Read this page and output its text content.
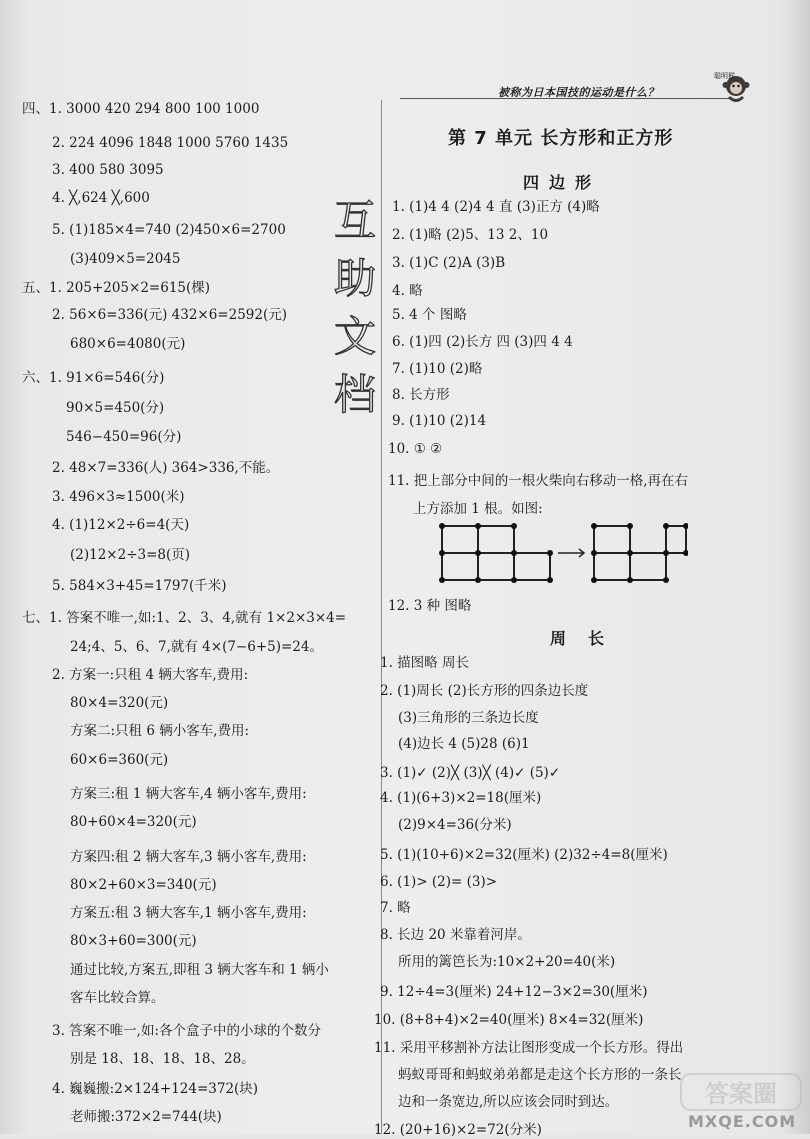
被称为日本国技的运动是什么？
聪明猴
四、1. 3000 420 294 800 100 1000
2. 224 4096 1848 1000 5760 1435
3. 400 580 3095
4. ╳,624 ╳,600
5. (1)185×4=740 (2)450×6=2700
(3)409×5=2045
五、1. 205+205×2=615(棵)
2. 56×6=336(元) 432×6=2592(元)
680×6=4080(元)
六、1. 91×6=546(分)
90×5=450(分)
546−450=96(分)
2. 48×7=336(人) 364>336,不能。
3. 496×3≈1500(米)
4. (1)12×2÷6=4(天)
(2)12×2÷3=8(页)
5. 584×3+45=1797(千米)
七、1. 答案不唯一,如:1、2、3、4,就有 1×2×3×4=
24;4、5、6、7,就有 4×(7−6+5)=24。
2. 方案一:只租 4 辆大客车,费用:
80×4=320(元)
方案二:只租 6 辆小客车,费用:
60×6=360(元)
方案三:租 1 辆大客车,4 辆小客车,费用:
80+60×4=320(元)
方案四:租 2 辆大客车,3 辆小客车,费用:
80×2+60×3=340(元)
方案五:租 3 辆大客车,1 辆小客车,费用:
80×3+60=300(元)
通过比较,方案五,即租 3 辆大客车和 1 辆小
客车比较合算。
3. 答案不唯一,如:各个盒子中的小球的个数分
别是 18、18、18、18、28。
4. 巍巍搬:2×124+124=372(块)
老师搬:372×2=744(块)
第 7 单元 长方形和正方形
四边形
周长
1. (1)4 4 (2)4 4 直 (3)正方 (4)略
2. (1)略 (2)5、13 2、10
3. (1)C (2)A (3)B
4. 略
5. 4 个 图略
6. (1)四 (2)长方 四 (3)四 4 4
7. (1)10 (2)略
8. 长方形
9. (1)10 (2)14
10. ① ②
11. 把上部分中间的一根火柴向右移动一格,再在右
上方添加 1 根。如图:
12. 3 种 图略
1. 描图略 周长
2. (1)周长 (2)长方形的四条边长度
(3)三角形的三条边长度
(4)边长 4 (5)28 (6)1
3. (1)✓ (2)╳ (3)╳ (4)✓ (5)✓
4. (1)(6+3)×2=18(厘米)
(2)9×4=36(分米)
5. (1)(10+6)×2=32(厘米) (2)32÷4=8(厘米)
6. (1)> (2)= (3)>
7. 略
8. 长边 20 米靠着河岸。
所用的篱笆长为:10×2+20=40(米)
9. 12÷4=3(厘米) 24+12−3×2=30(厘米)
10. (8+8+4)×2=40(厘米) 8×4=32(厘米)
11. 采用平移割补方法让图形变成一个长方形。得出
蚂蚁哥哥和蚂蚁弟弟都是走这个长方形的一条长
边和一条宽边,所以应该会同时到达。
12. (20+16)×2=72(分米)
互助文档
答案圈
MXQE.COM
